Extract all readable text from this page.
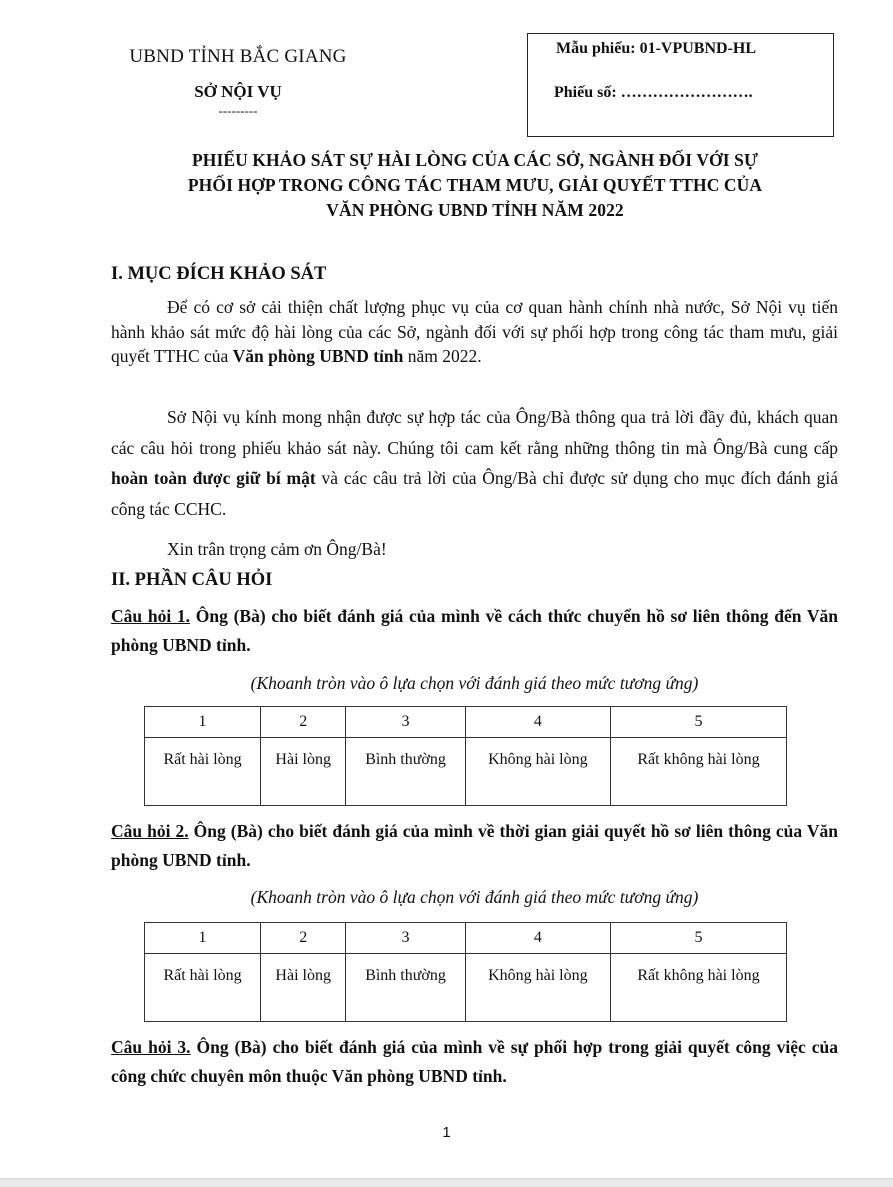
UBND TỈNH BẮC GIANG
SỞ NỘI VỤ
---------
Mẫu phiếu: 01-VPUBND-HL
Phiếu số: …………………….
PHIẾU KHẢO SÁT SỰ HÀI LÒNG CỦA CÁC SỞ, NGÀNH ĐỐI VỚI SỰ
PHỐI HỢP TRONG CÔNG TÁC THAM MƯU, GIẢI QUYẾT TTHC CỦA
VĂN PHÒNG UBND TỈNH NĂM 2022
I. MỤC ĐÍCH KHẢO SÁT

Để có cơ sở cải thiện chất lượng phục vụ của cơ quan hành chính nhà nước, Sở Nội vụ tiến hành khảo sát mức độ hài lòng của các Sở, ngành đối với sự phối hợp trong công tác tham mưu, giải quyết TTHC của Văn phòng UBND tỉnh năm 2022.

Sở Nội vụ kính mong nhận được sự hợp tác của Ông/Bà thông qua trả lời đầy đủ, khách quan các câu hỏi trong phiếu khảo sát này. Chúng tôi cam kết rằng những thông tin mà Ông/Bà cung cấp hoàn toàn được giữ bí mật và các câu trả lời của Ông/Bà chỉ được sử dụng cho mục đích đánh giá công tác CCHC.

Xin trân trọng cảm ơn Ông/Bà!

II. PHẦN CÂU HỎI
Câu hỏi 1. Ông (Bà) cho biết đánh giá của mình về cách thức chuyển hồ sơ liên thông đến Văn phòng UBND tỉnh.
(Khoanh tròn vào ô lựa chọn với đánh giá theo mức tương ứng)
1	2	3	4	5
Rất hài lòng	Hài lòng	Bình thường	Không hài lòng	Rất không hài lòng
Câu hỏi 2. Ông (Bà) cho biết đánh giá của mình về thời gian giải quyết hồ sơ liên thông của Văn phòng UBND tỉnh.
(Khoanh tròn vào ô lựa chọn với đánh giá theo mức tương ứng)
1	2	3	4	5
Rất hài lòng	Hài lòng	Bình thường	Không hài lòng	Rất không hài lòng
Câu hỏi 3. Ông (Bà) cho biết đánh giá của mình về sự phối hợp trong giải quyết công việc của công chức chuyên môn thuộc Văn phòng UBND tỉnh.
1
